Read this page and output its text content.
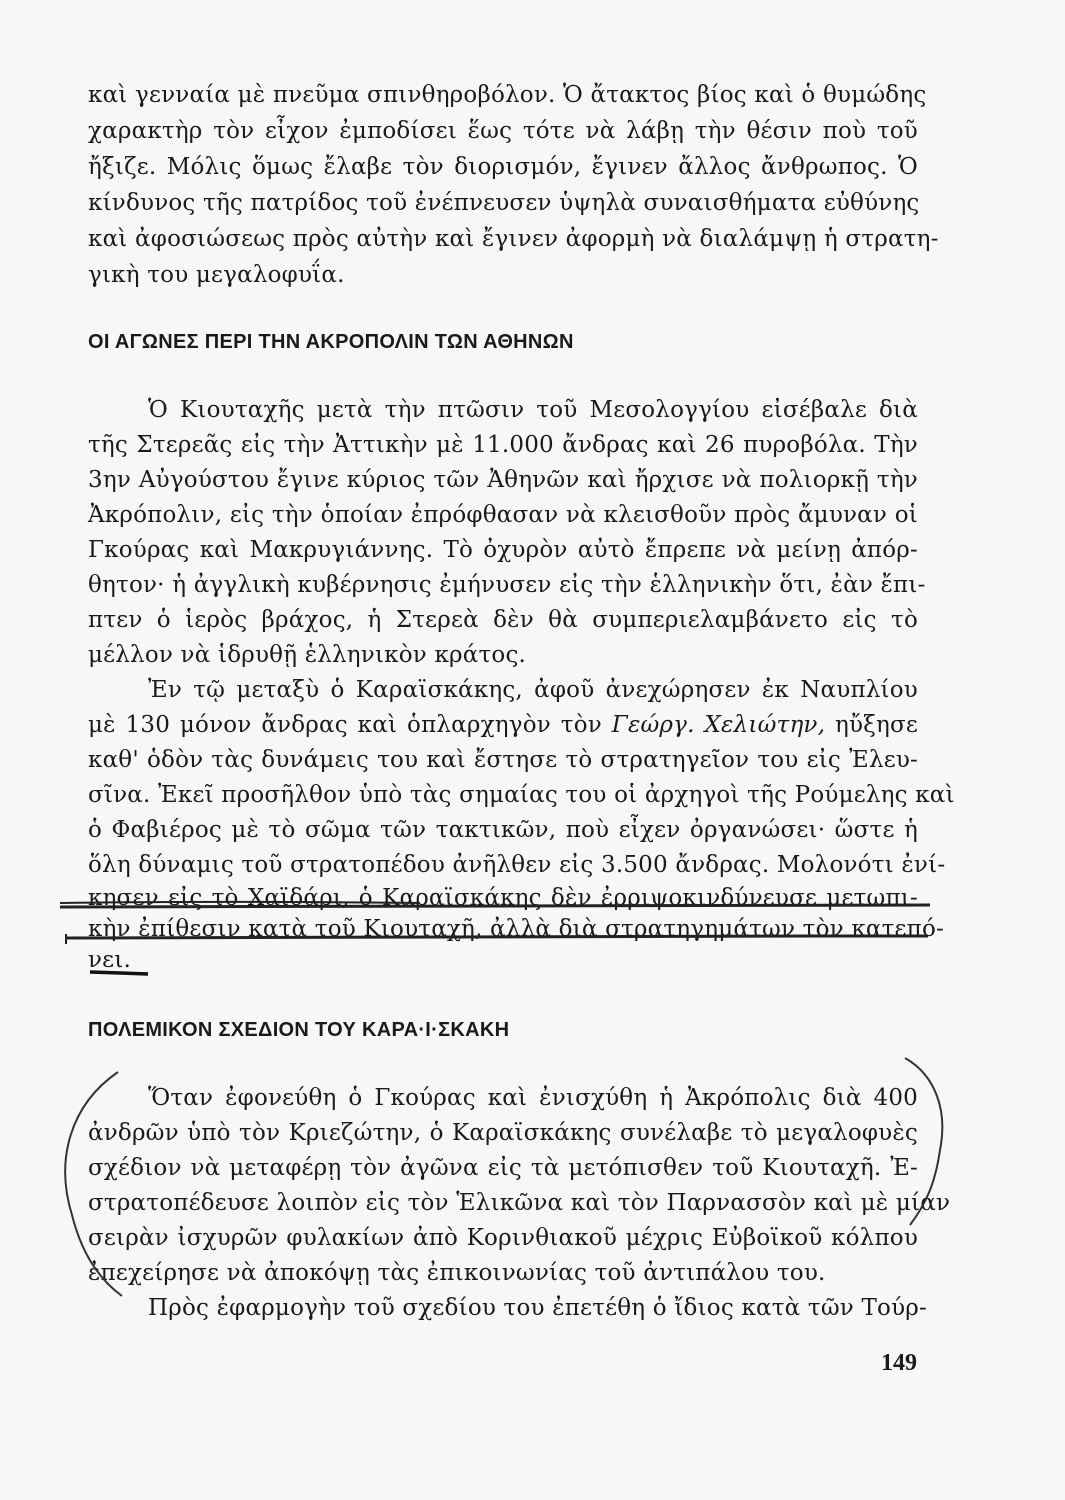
καὶ γενναία μὲ πνεῦμα σπινθηροβόλον. Ὁ ἄτακτος βίος καὶ ὁ θυμώδης
χαρακτὴρ τὸν εἶχον ἐμποδίσει ἕως τότε νὰ λάβῃ τὴν θέσιν ποὺ τοῦ
ἤξιζε. Μόλις ὅμως ἔλαβε τὸν διορισμόν, ἔγινεν ἄλλος ἄνθρωπος. Ὁ
κίνδυνος τῆς πατρίδος τοῦ ἐνέπνευσεν ὑψηλὰ συναισθήματα εὐθύνης
καὶ ἀφοσιώσεως πρὸς αὐτὴν καὶ ἔγινεν ἀφορμὴ νὰ διαλάμψῃ ἡ στρατη-
γικὴ του μεγαλοφυΐα.
ΟΙ ΑΓΩΝΕΣ ΠΕΡΙ ΤΗΝ ΑΚΡΟΠΟΛΙΝ ΤΩΝ ΑΘΗΝΩΝ
Ὁ Κιουταχῆς μετὰ τὴν πτῶσιν τοῦ Μεσολογγίου εἰσέβαλε διὰ
τῆς Στερεᾶς εἰς τὴν Ἀττικὴν μὲ 11.000 ἄνδρας καὶ 26 πυροβόλα. Τὴν
3ην Αὐγούστου ἔγινε κύριος τῶν Ἀθηνῶν καὶ ἤρχισε νὰ πολιορκῇ τὴν
Ἀκρόπολιν, εἰς τὴν ὁποίαν ἐπρόφθασαν νὰ κλεισθοῦν πρὸς ἄμυναν οἱ
Γκούρας καὶ Μακρυγιάννης. Τὸ ὀχυρὸν αὐτὸ ἔπρεπε νὰ μείνῃ ἀπόρ-
θητον· ἡ ἀγγλικὴ κυβέρνησις ἐμήνυσεν εἰς τὴν ἑλληνικὴν ὅτι, ἐὰν ἔπι-
πτεν ὁ ἱερὸς βράχος, ἡ Στερεὰ δὲν θὰ συμπεριελαμβάνετο εἰς τὸ
μέλλον νὰ ἱδρυθῇ ἑλληνικὸν κράτος.
Ἐν τῷ μεταξὺ ὁ Καραϊσκάκης, ἀφοῦ ἀνεχώρησεν ἐκ Ναυπλίου
μὲ 130 μόνον ἄνδρας καὶ ὁπλαρχηγὸν τὸν Γεώργ. Χελιώτην, ηὔξησε
καθ' ὁδὸν τὰς δυνάμεις του καὶ ἔστησε τὸ στρατηγεῖον του εἰς Ἐλευ-
σῖνα. Ἐκεῖ προσῆλθον ὑπὸ τὰς σημαίας του οἱ ἀρχηγοὶ τῆς Ρούμελης καὶ
ὁ Φαβιέρος μὲ τὸ σῶμα τῶν τακτικῶν, ποὺ εἶχεν ὀργανώσει· ὥστε ἡ
ὅλη δύναμις τοῦ στρατοπέδου ἀνῆλθεν εἰς 3.500 ἄνδρας. Μολονότι ἐνί-
κησεν εἰς τὸ Χαϊδάρι, ὁ Καραϊσκάκης δὲν ἐρριψοκινδύνευσε μετωπι-
κὴν ἐπίθεσιν κατὰ τοῦ Κιουταχῆ, ἀλλὰ διὰ στρατηγημάτων τὸν κατεπό-
νει.
ΠΟΛΕΜΙΚΟΝ ΣΧΕΔΙΟΝ ΤΟΥ ΚΑΡΑ·Ι·ΣΚΑΚΗ
Ὅταν ἐφονεύθη ὁ Γκούρας καὶ ἐνισχύθη ἡ Ἀκρόπολις διὰ 400
ἀνδρῶν ὑπὸ τὸν Κριεζώτην, ὁ Καραϊσκάκης συνέλαβε τὸ μεγαλοφυὲς
σχέδιον νὰ μεταφέρῃ τὸν ἀγῶνα εἰς τὰ μετόπισθεν τοῦ Κιουταχῆ. Ἐ-
στρατοπέδευσε λοιπὸν εἰς τὸν Ἑλικῶνα καὶ τὸν Παρνασσὸν καὶ μὲ μίαν
σειρὰν ἰσχυρῶν φυλακίων ἀπὸ Κορινθιακοῦ μέχρις Εὐβοϊκοῦ κόλπου
ἐπεχείρησε νὰ ἀποκόψῃ τὰς ἐπικοινωνίας τοῦ ἀντιπάλου του.
Πρὸς ἐφαρμογὴν τοῦ σχεδίου του ἐπετέθη ὁ ἴδιος κατὰ τῶν Τούρ-
149
